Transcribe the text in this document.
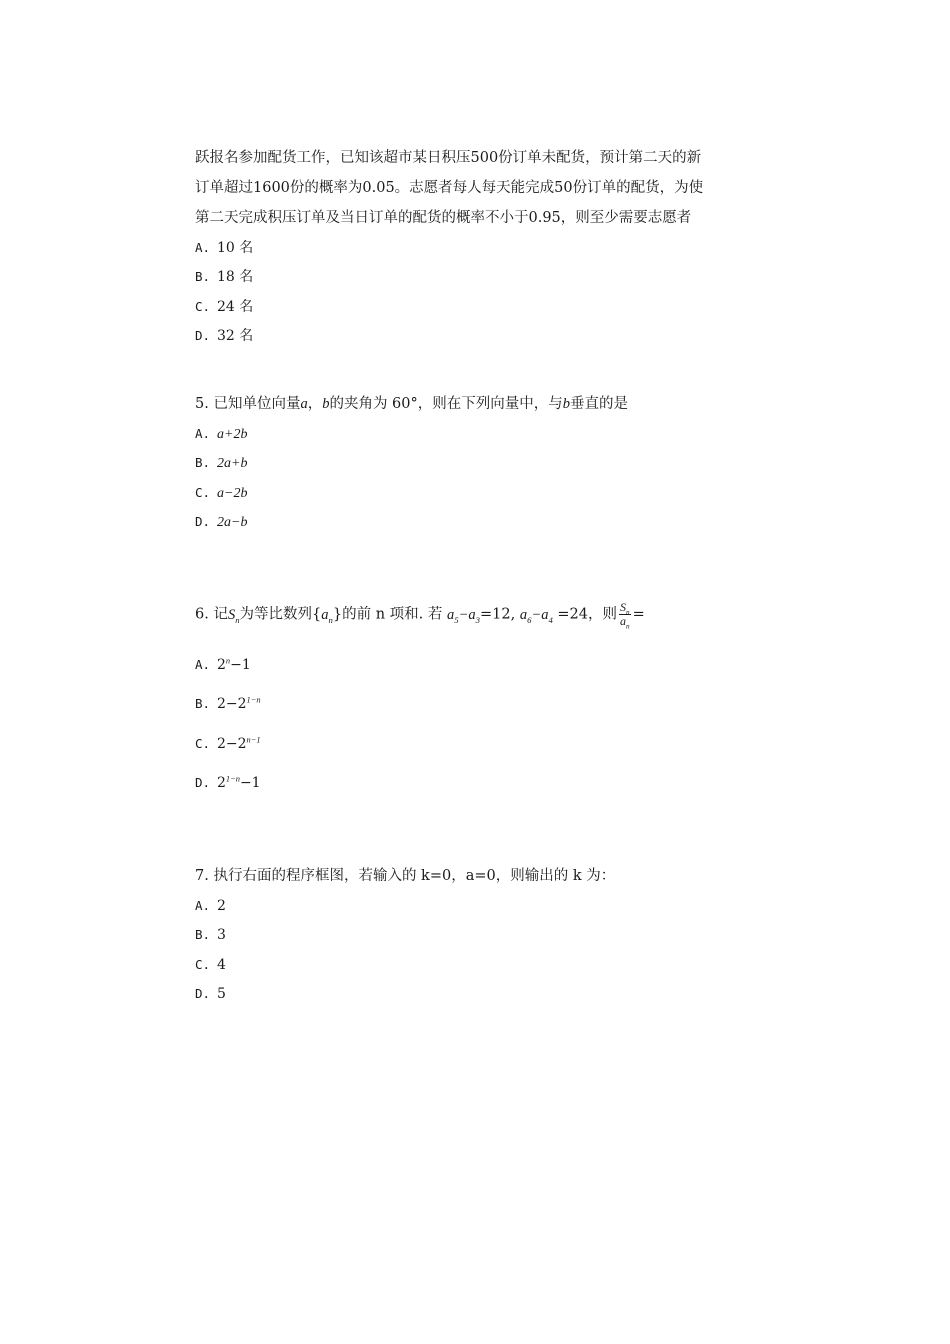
跃报名参加配货工作，已知该超市某日积压500份订单未配货，预计第二天的新
订单超过1600份的概率为0.05。志愿者每人每天能完成50份订单的配货，为使
第二天完成积压订单及当日订单的配货的概率不小于0.95，则至少需要志愿者
A. 10 名
B. 18 名
C. 24 名
D. 32 名
5. 已知单位向量a，b的夹角为 60°，则在下列向量中，与b垂直的是
A. a+2b
B. 2a+b
C. a−2b
D. 2a−b
6. 记$S_n$为等比数列$\{a_n\}$的前 n 项和. 若 $a_5-a_3=12$, $a_6-a_4 =24$，则 $\frac{S_n}{a_n}$ =
A. $2^n-1$
B. $2-2^{1-n}$
C. $2-2^{n-1}$
D. $2^{1-n}-1$
7. 执行右面的程序框图，若输入的 k=0，a=0，则输出的 k 为：
A. 2
B. 3
C. 4
D. 5
